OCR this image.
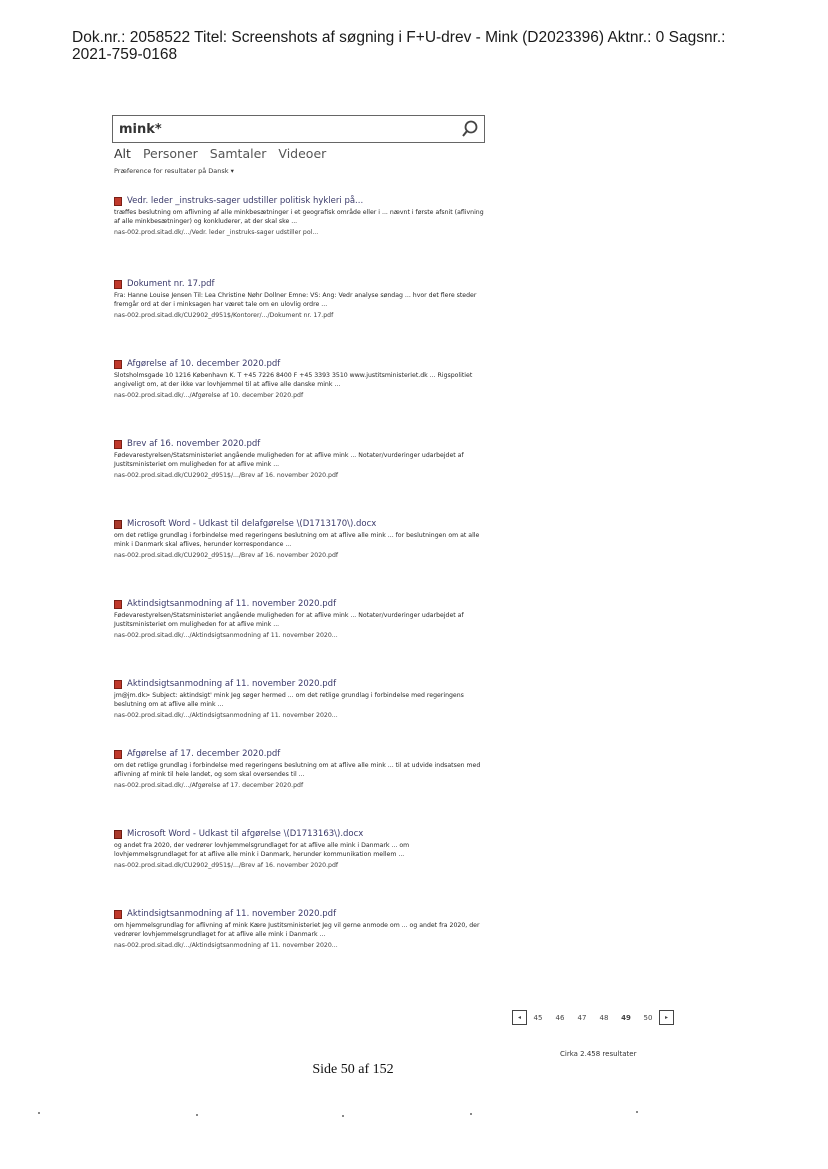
Dok.nr.: 2058522 Titel: Screenshots af søgning i F+U-drev - Mink (D2023396) Aktnr.: 0 Sagsnr.:
2021-759-0168
mink*
Alt Personer Samtaler Videoer
Præference for resultater på Dansk ▾
Vedr. leder _instruks-sager udstiller politisk hykleri på...
træffes beslutning om aflivning af alle minkbesætninger i et geografisk område eller i ... nævnt i første afsnit (aflivning af alle minkbesætninger) og konkluderer, at der skal ske ...
nas-002.prod.sitad.dk/.../Vedr. leder _instruks-sager udstiller pol...
Dokument nr. 17.pdf
Fra: Hanne Louise Jensen Til: Lea Christine Nøhr Dollner Emne: VS: Ang: Vedr analyse søndag ... hvor det flere steder fremgår ord at der i minksagen har været tale om en ulovlig ordre ...
nas-002.prod.sitad.dk/CU2902_d951$/Kontorer/.../Dokument nr. 17.pdf
Afgørelse af 10. december 2020.pdf
Slotsholmsgade 10 1216 København K. T +45 7226 8400 F +45 3393 3510 www.justitsministeriet.dk ... Rigspolitiet angiveligt om, at der ikke var lovhjemmel til at aflive alle danske mink ...
nas-002.prod.sitad.dk/.../Afgørelse af 10. december 2020.pdf
Brev af 16. november 2020.pdf
Fødevarestyrelsen/Statsministeriet angående muligheden for at aflive mink ... Notater/vurderinger udarbejdet af Justitsministeriet om muligheden for at aflive mink ...
nas-002.prod.sitad.dk/CU2902_d951$/.../Brev af 16. november 2020.pdf
Microsoft Word - Udkast til delafgørelse \(D1713170\).docx
om det retlige grundlag i forbindelse med regeringens beslutning om at aflive alle mink ... for beslutningen om at alle mink i Danmark skal aflives, herunder korrespondance ...
nas-002.prod.sitad.dk/CU2902_d951$/.../Brev af 16. november 2020.pdf
Aktindsigtsanmodning af 11. november 2020.pdf
Fødevarestyrelsen/Statsministeriet angående muligheden for at aflive mink ... Notater/vurderinger udarbejdet af Justitsministeriet om muligheden for at aflive mink ...
nas-002.prod.sitad.dk/.../Aktindsigtsanmodning af 11. november 2020...
Aktindsigtsanmodning af 11. november 2020.pdf
jm@jm.dk> Subject: aktindsigt' mink Jeg søger hermed ... om det retlige grundlag i forbindelse med regeringens beslutning om at aflive alle mink ...
nas-002.prod.sitad.dk/.../Aktindsigtsanmodning af 11. november 2020...
Afgørelse af 17. december 2020.pdf
om det retlige grundlag i forbindelse med regeringens beslutning om at aflive alle mink ... til at udvide indsatsen med aflivning af mink til hele landet, og som skal oversendes til ...
nas-002.prod.sitad.dk/.../Afgørelse af 17. december 2020.pdf
Microsoft Word - Udkast til afgørelse \(D1713163\).docx
og andet fra 2020, der vedrører lovhjemmelsgrundlaget for at aflive alle mink i Danmark ... om lovhjemmelsgrundlaget for at aflive alle mink i Danmark, herunder kommunikation mellem ...
nas-002.prod.sitad.dk/CU2902_d951$/.../Brev af 16. november 2020.pdf
Aktindsigtsanmodning af 11. november 2020.pdf
om hjemmelsgrundlag for aflivning af mink Kære Justitsministeriet Jeg vil gerne anmode om ... og andet fra 2020, der vedrører lovhjemmelsgrundlaget for at aflive alle mink i Danmark ...
nas-002.prod.sitad.dk/.../Aktindsigtsanmodning af 11. november 2020...
◂	45	46	47	48	49	50	▸
Cirka 2.458 resultater
Side 50 af 152
